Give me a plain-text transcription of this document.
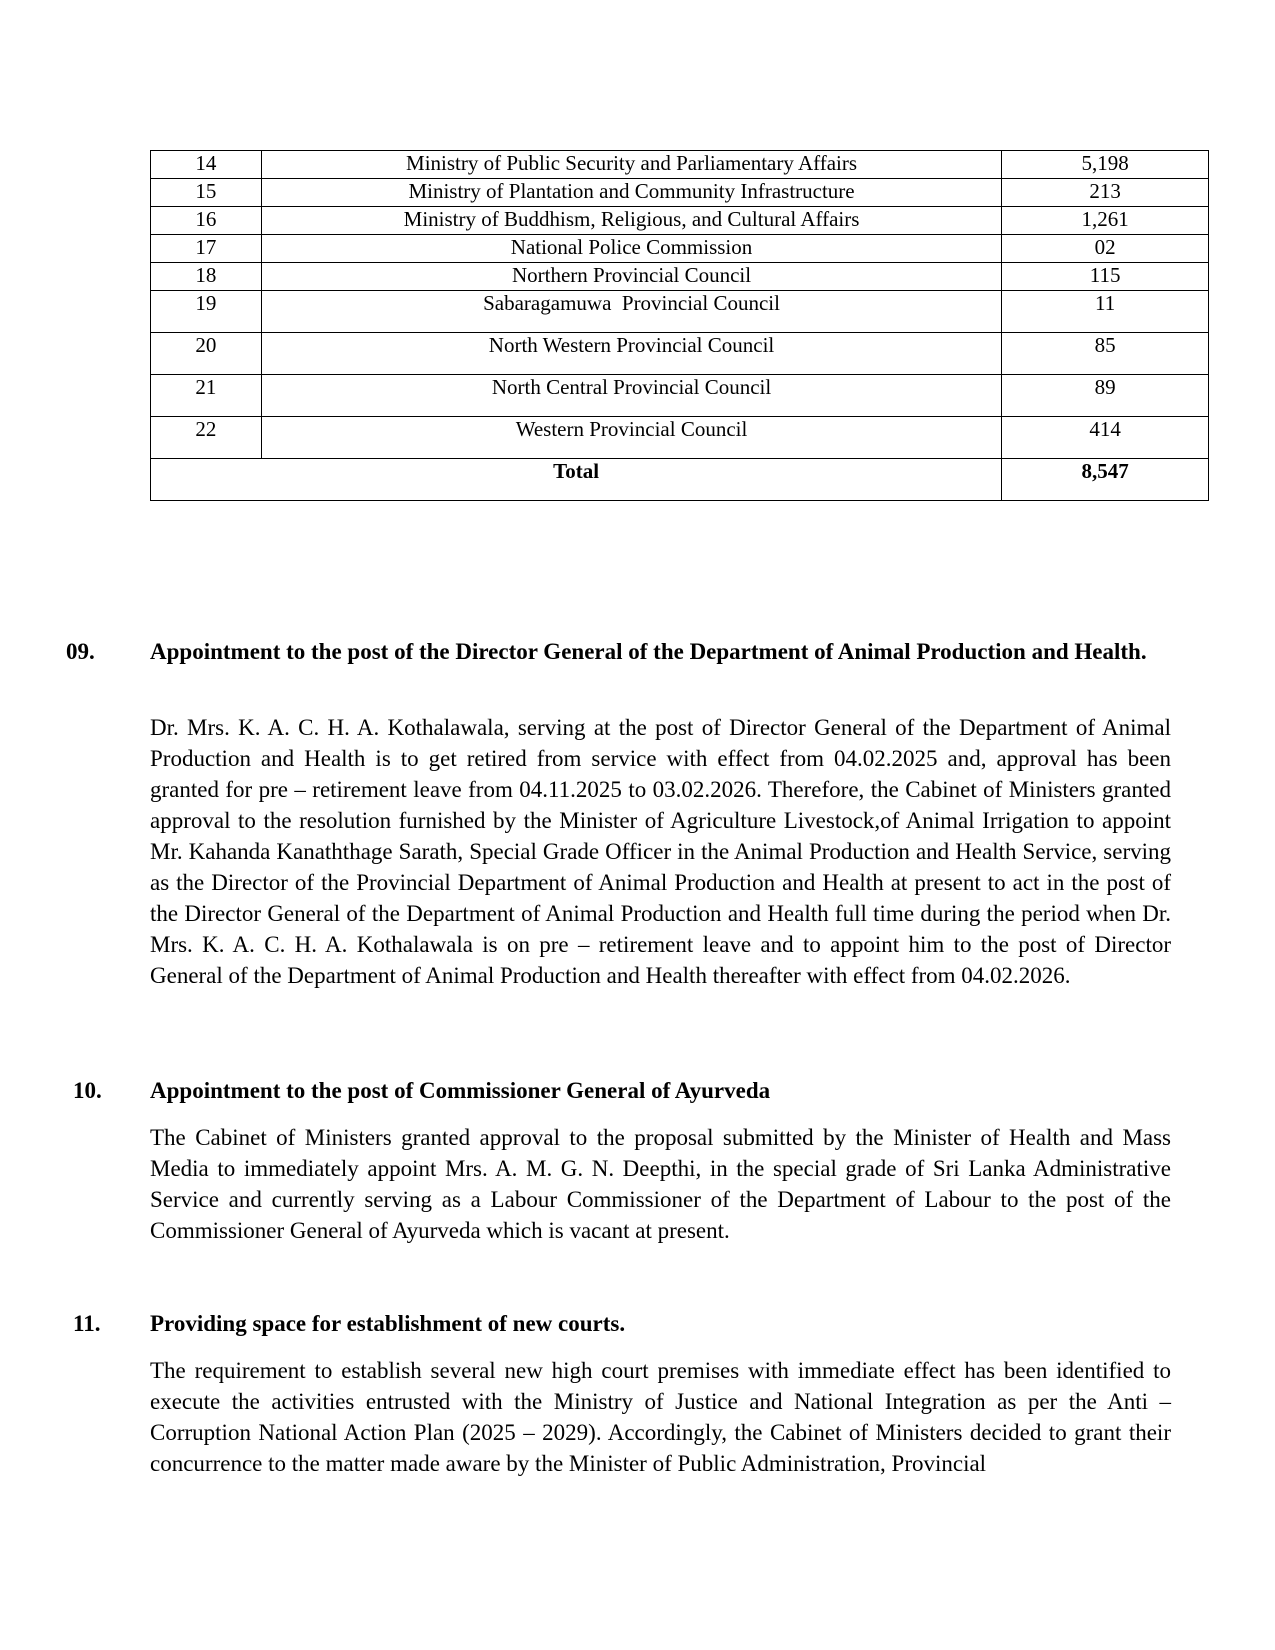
14	Ministry of Public Security and Parliamentary Affairs	5,198
15	Ministry of Plantation and Community Infrastructure	213
16	Ministry of Buddhism, Religious, and Cultural Affairs	1,261
17	National Police Commission	02
18	Northern Provincial Council	115
19	Sabaragamuwa  Provincial Council	11
20	North Western Provincial Council	85
21	North Central Provincial Council	89
22	Western Provincial Council	414
Total		8,547
09. Appointment to the post of the Director General of the Department of Animal Production and Health.

Dr. Mrs. K. A. C. H. A. Kothalawala, serving at the post of Director General of the Department of Animal Production and Health is to get retired from service with effect from 04.02.2025 and, approval has been granted for pre – retirement leave from 04.11.2025 to 03.02.2026. Therefore, the Cabinet of Ministers granted approval to the resolution furnished by the Minister of Agriculture Livestock,of Animal Irrigation to appoint Mr. Kahanda Kanaththage Sarath, Special Grade Officer in the Animal Production and Health Service, serving as the Director of the Provincial Department of Animal Production and Health at present to act in the post of the Director General of the Department of Animal Production and Health full time during the period when Dr. Mrs. K. A. C. H. A. Kothalawala is on pre – retirement leave and to appoint him to the post of Director General of the Department of Animal Production and Health thereafter with effect from 04.02.2026.

10. Appointment to the post of Commissioner General of Ayurveda

The Cabinet of Ministers granted approval to the proposal submitted by the Minister of Health and Mass Media to immediately appoint Mrs. A. M. G. N. Deepthi, in the special grade of Sri Lanka Administrative Service and currently serving as a Labour Commissioner of the Department of Labour to the post of the Commissioner General of Ayurveda which is vacant at present.

11. Providing space for establishment of new courts.

The requirement to establish several new high court premises with immediate effect has been identified to execute the activities entrusted with the Ministry of Justice and National Integration as per the Anti – Corruption National Action Plan (2025 – 2029). Accordingly, the Cabinet of Ministers decided to grant their concurrence to the matter made aware by the Minister of Public Administration, Provincial
